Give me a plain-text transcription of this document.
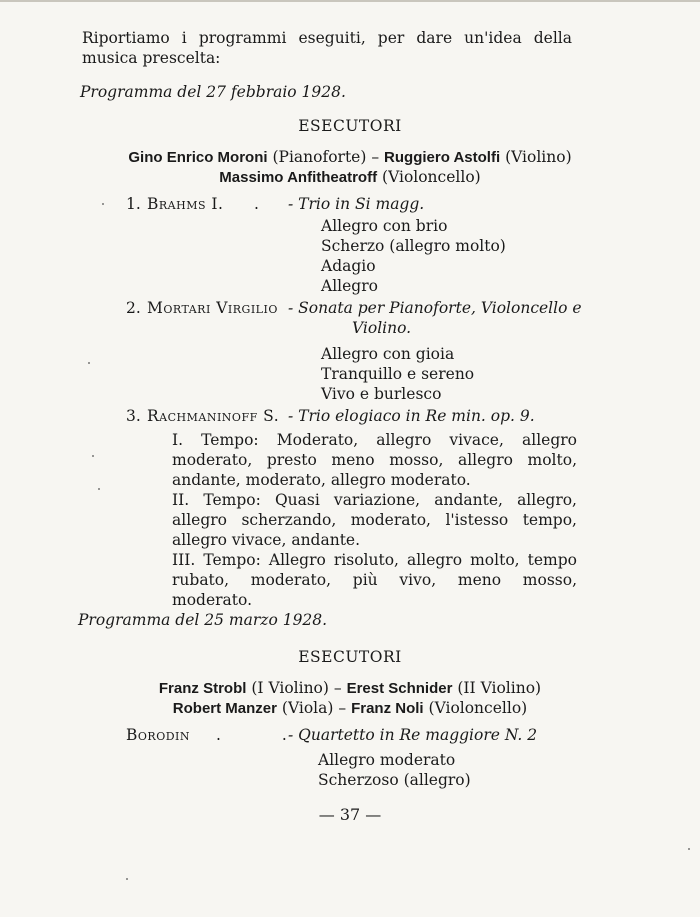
Riportiamo i programmi eseguiti, per dare un'idea della musica prescelta:
Programma del 27 febbraio 1928.
ESECUTORI
Gino Enrico Moroni (Pianoforte) – Ruggiero Astolfi (Violino)
Massimo Anfitheatroff (Violoncello)
1. Brahms I. . - Trio in Si magg.
Allegro con brio
Scherzo (allegro molto)
Adagio
Allegro
2. Mortari Virgilio - Sonata per Pianoforte, Violoncello e
Violino.
Allegro con gioia
Tranquillo e sereno
Vivo e burlesco
3. Rachmaninoff S. - Trio elogiaco in Re min. op. 9.
I. Tempo: Moderato, allegro vivace, allegro moderato, presto meno mosso, allegro molto, andante, moderato, allegro moderato.
II. Tempo: Quasi variazione, andante, allegro, allegro scherzando, moderato, l'istesso tempo, allegro vivace, andante.
III. Tempo: Allegro risoluto, allegro molto, tempo rubato, moderato, più vivo, meno mosso, moderato.
Programma del 25 marzo 1928.
ESECUTORI
Franz Strobl (I Violino) – Erest Schnider (II Violino)
Robert Manzer (Viola) – Franz Noli (Violoncello)
Borodin . .
- Quartetto in Re maggiore N. 2
Allegro moderato
Scherzoso (allegro)
— 37 —
